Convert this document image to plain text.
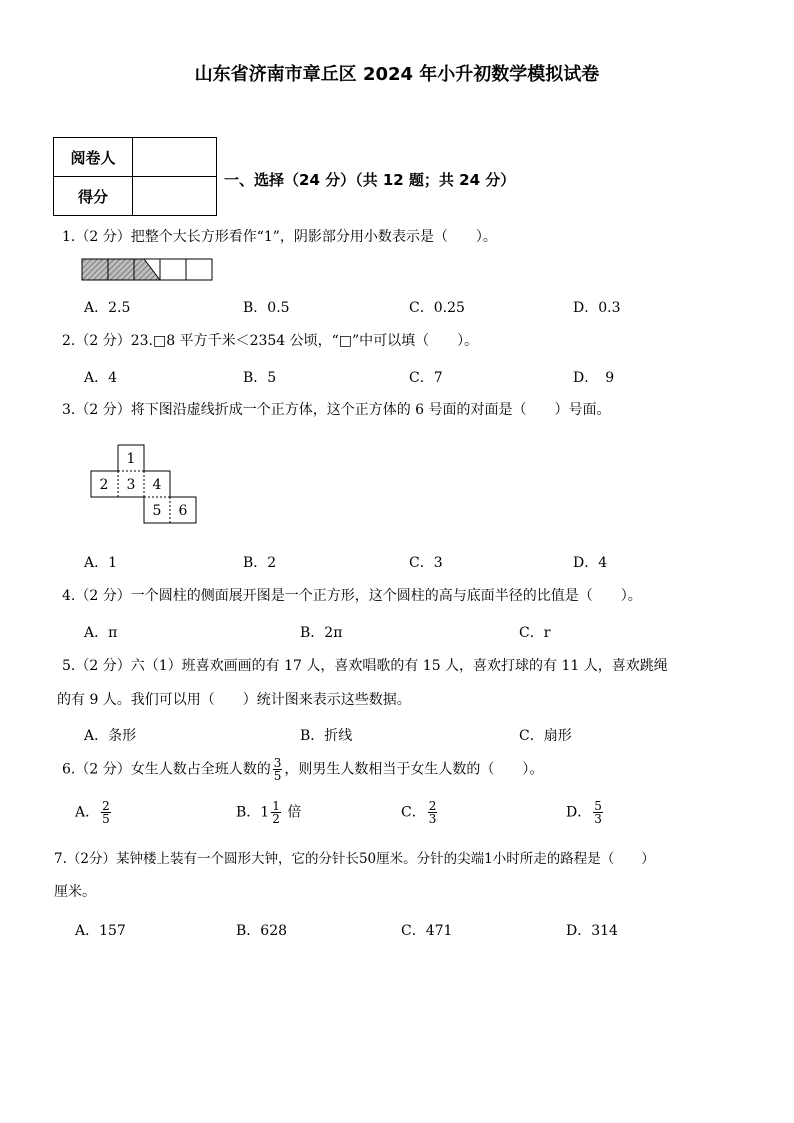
山东省济南市章丘区 2024 年小升初数学模拟试卷
阅卷人	
得分	
一、选择（24 分）（共 12 题；共 24 分）
1.（2 分）把整个大长方形看作“1”，阴影部分用小数表示是（　　）。
A．2.5	B．0.5	C．0.25	D．0.3
2.（2 分）23.□8 平方千米＜2354 公顷，“□”中可以填（　　）。
A．4	B．5	C．7	D．　9
3.（2 分）将下图沿虚线折成一个正方体，这个正方体的 6 号面的对面是（　　）号面。
1
2 3 4
5 6
A．1	B．2	C．3	D．4
4.（2 分）一个圆柱的侧面展开图是一个正方形，这个圆柱的高与底面半径的比值是（　　）。
A．π	B．2π	C．r
5.（2 分）六（1）班喜欢画画的有 17 人，喜欢唱歌的有 15 人，喜欢打球的有 11 人，喜欢跳绳
的有 9 人。我们可以用（　　）统计图来表示这些数据。
A．条形	B．折线	C．扇形
6.（2 分）女生人数占全班人数的 $\frac{3}{5}$ ，则男生人数相当于女生人数的（　　）。
A． $\frac{2}{5}$	B．$1 \frac{1}{2}$ 倍	C． $\frac{2}{3}$	D． $\frac{5}{3}$
7.（2分）某钟楼上装有一个圆形大钟，它的分针长50厘米。分针的尖端1小时所走的路程是（　　）
厘米。
A．157	B．628	C．471	D．314
